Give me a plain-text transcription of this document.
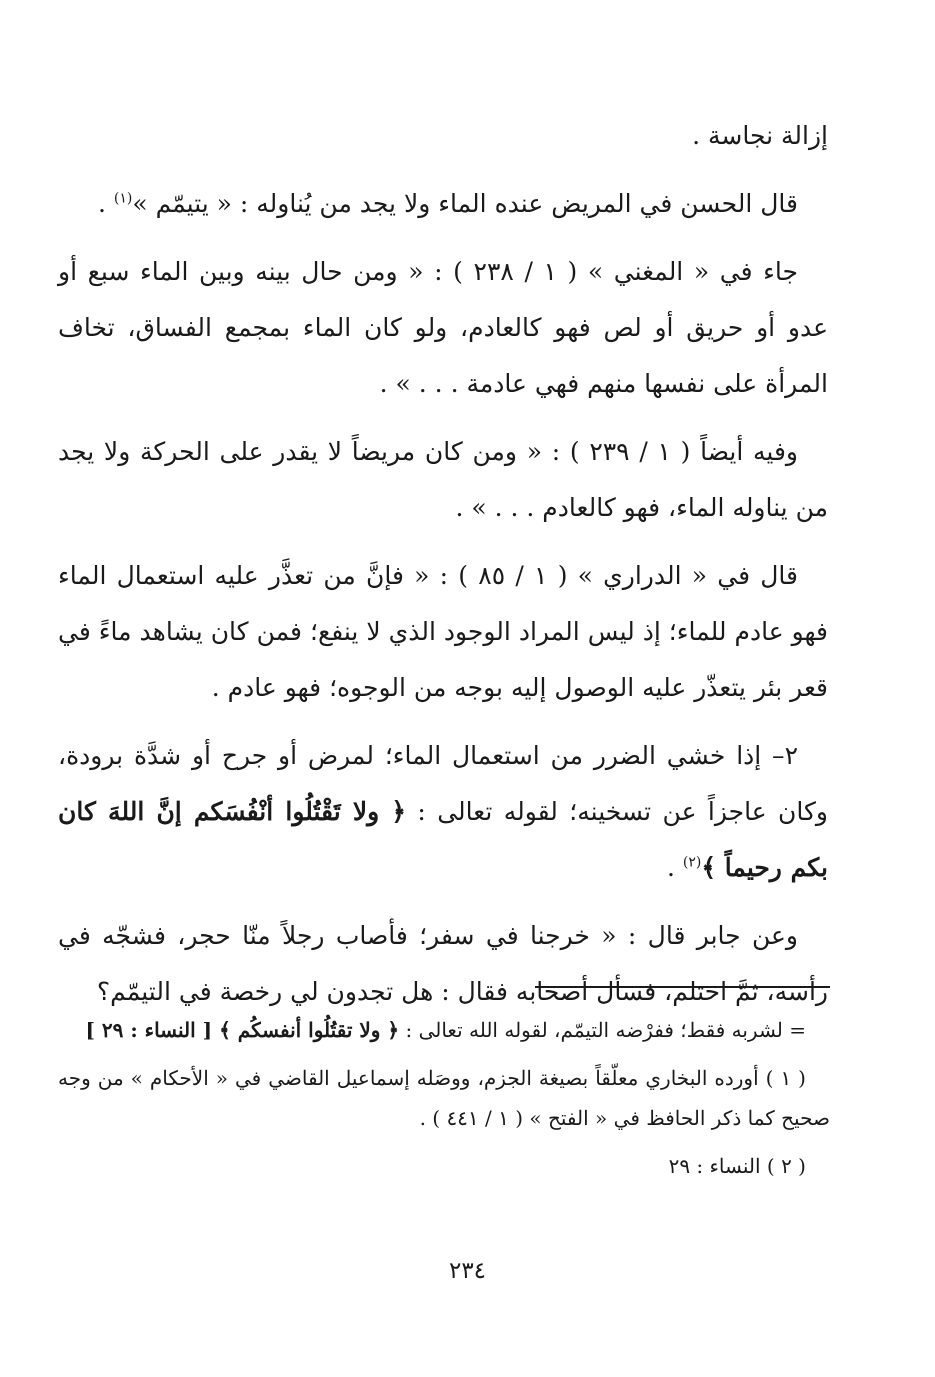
إزالة نجاسة .

قال الحسن في المريض عنده الماء ولا يجد من يُناوله : « يتيمّم »$^{(١)}$ .

جاء في « المغني » ( ١ / ٢٣٨ ) : « ومن حال بينه وبين الماء سبع أو عدو أو حريق أو لص فهو كالعادم، ولو كان الماء بمجمع الفساق، تخاف المرأة على نفسها منهم فهي عادمة . . . » .

وفيه أيضاً ( ١ / ٢٣٩ ) : « ومن كان مريضاً لا يقدر على الحركة ولا يجد من يناوله الماء، فهو كالعادم . . . » .

قال في « الدراري » ( ١ / ٨٥ ) : « فإنَّ من تعذَّر عليه استعمال الماء فهو عادم للماء؛ إذ ليس المراد الوجود الذي لا ينفع؛ فمن كان يشاهد ماءً في قعر بئر يتعذّر عليه الوصول إليه بوجه من الوجوه؛ فهو عادم .

٢– إذا خشي الضرر من استعمال الماء؛ لمرض أو جرح أو شدَّة برودة، وكان عاجزاً عن تسخينه؛ لقوله تعالى : ﴿ ولا تَقْتُلُوا أنْفُسَكم إنَّ اللهَ كان بكم رحيماً ﴾$^{(٢)}$ .

وعن جابر قال : « خرجنا في سفر؛ فأصاب رجلاً منّا حجر، فشجّه في رأسه، ثمَّ احتلم، فسأل أصحابه فقال : هل تجدون لي رخصة في التيمّم؟

= لشربه فقط؛ ففرْضه التيمّم، لقوله الله تعالى : ﴿ ولا تقتُلُوا أنفسكُم ﴾ [ النساء : ٢٩ ]

( ١ ) أورده البخاري معلّقاً بصيغة الجزم، ووصَله إسماعيل القاضي في « الأحكام » من وجه صحيح كما ذكر الحافظ في « الفتح » ( ١ / ٤٤١ ) .

( ٢ ) النساء : ٢٩

٢٣٤
